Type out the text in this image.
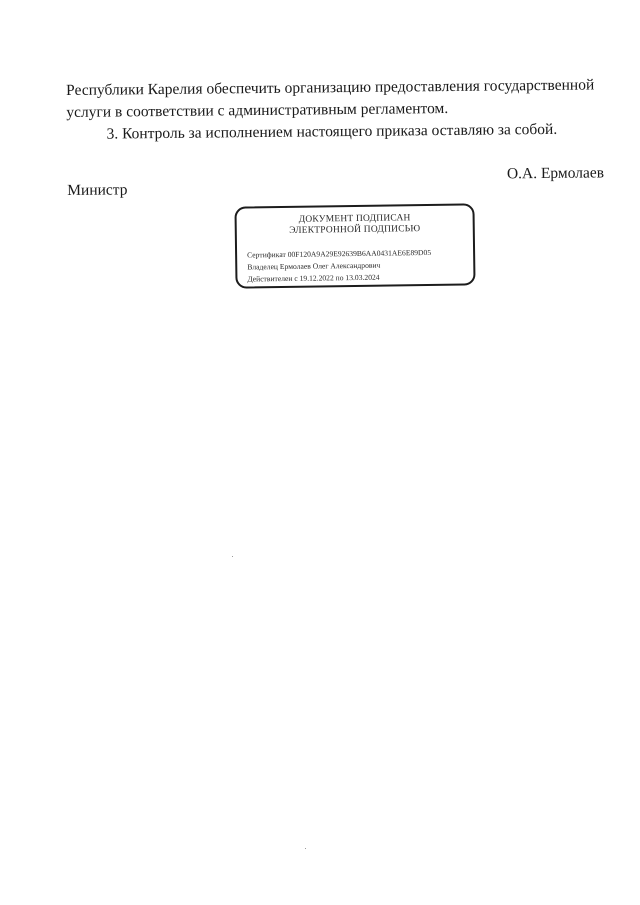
Республики Карелия обеспечить организацию предоставления государственной
услуги в соответствии с административным регламентом.
3. Контроль за исполнением настоящего приказа оставляю за собой.
Министр
О.А. Ермолаев
ДОКУМЕНТ ПОДПИСАН
ЭЛЕКТРОННОЙ ПОДПИСЬЮ
Сертификат 00F120A9A29E92639B6AA0431AE6E89D05
Владелец Ермолаев Олег Александрович
Действителен с 19.12.2022 по 13.03.2024
